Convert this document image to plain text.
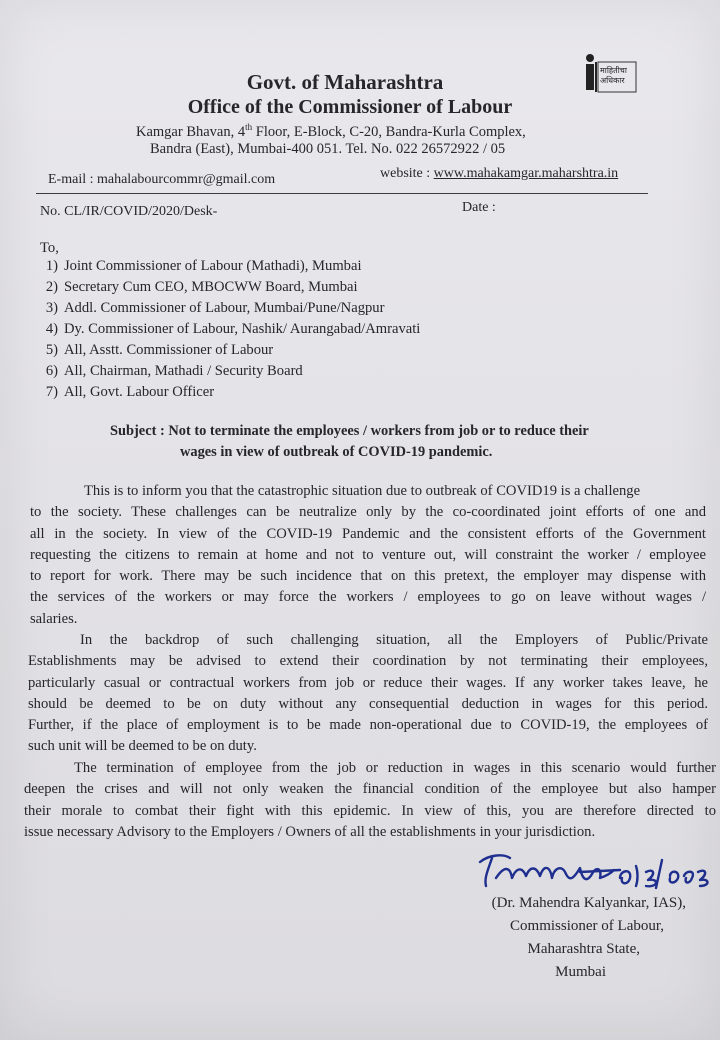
Govt. of Maharashtra
Office of the Commissioner of Labour
Kamgar Bhavan, 4th Floor, E-Block, C-20, Bandra-Kurla Complex,
Bandra (East), Mumbai-400 051. Tel. No. 022 26572922 / 05
माहितीचा
अधिकार
E-mail : mahalabourcommr@gmail.com	website : www.mahakamgar.maharshtra.in
No. CL/IR/COVID/2020/Desk-	Date :
To,
1) Joint Commissioner of Labour (Mathadi), Mumbai
2) Secretary Cum CEO, MBOCWW Board, Mumbai
3) Addl. Commissioner of Labour, Mumbai/Pune/Nagpur
4) Dy. Commissioner of Labour, Nashik/ Aurangabad/Amravati
5) All, Asstt. Commissioner of Labour
6) All, Chairman, Mathadi / Security Board
7) All, Govt. Labour Officer
Subject : Not to terminate the employees / workers from job or to reduce their
wages in view of outbreak of COVID-19 pandemic.
This is to inform you that the catastrophic situation due to outbreak of COVID19 is a challenge
to the society. These challenges can be neutralize only by the co-coordinated joint efforts of one and
all in the society. In view of the COVID-19 Pandemic and the consistent efforts of the Government
requesting the citizens to remain at home and not to venture out, will constraint the worker / employee
to report for work. There may be such incidence that on this pretext, the employer may dispense with
the services of the workers or may force the workers / employees to go on leave without wages /
salaries.
In the backdrop of such challenging situation, all the Employers of Public/Private
Establishments may be advised to extend their coordination by not terminating their employees,
particularly casual or contractual workers from job or reduce their wages. If any worker takes leave, he
should be deemed to be on duty without any consequential deduction in wages for this period.
Further, if the place of employment is to be made non-operational due to COVID-19, the employees of
such unit will be deemed to be on duty.
The termination of employee from the job or reduction in wages in this scenario would further
deepen the crises and will not only weaken the financial condition of the employee but also hamper
their morale to combat their fight with this epidemic. In view of this, you are therefore directed to
issue necessary Advisory to the Employers / Owners of all the establishments in your jurisdiction.
(Dr. Mahendra Kalyankar, IAS),
Commissioner of Labour,
Maharashtra State,
Mumbai
